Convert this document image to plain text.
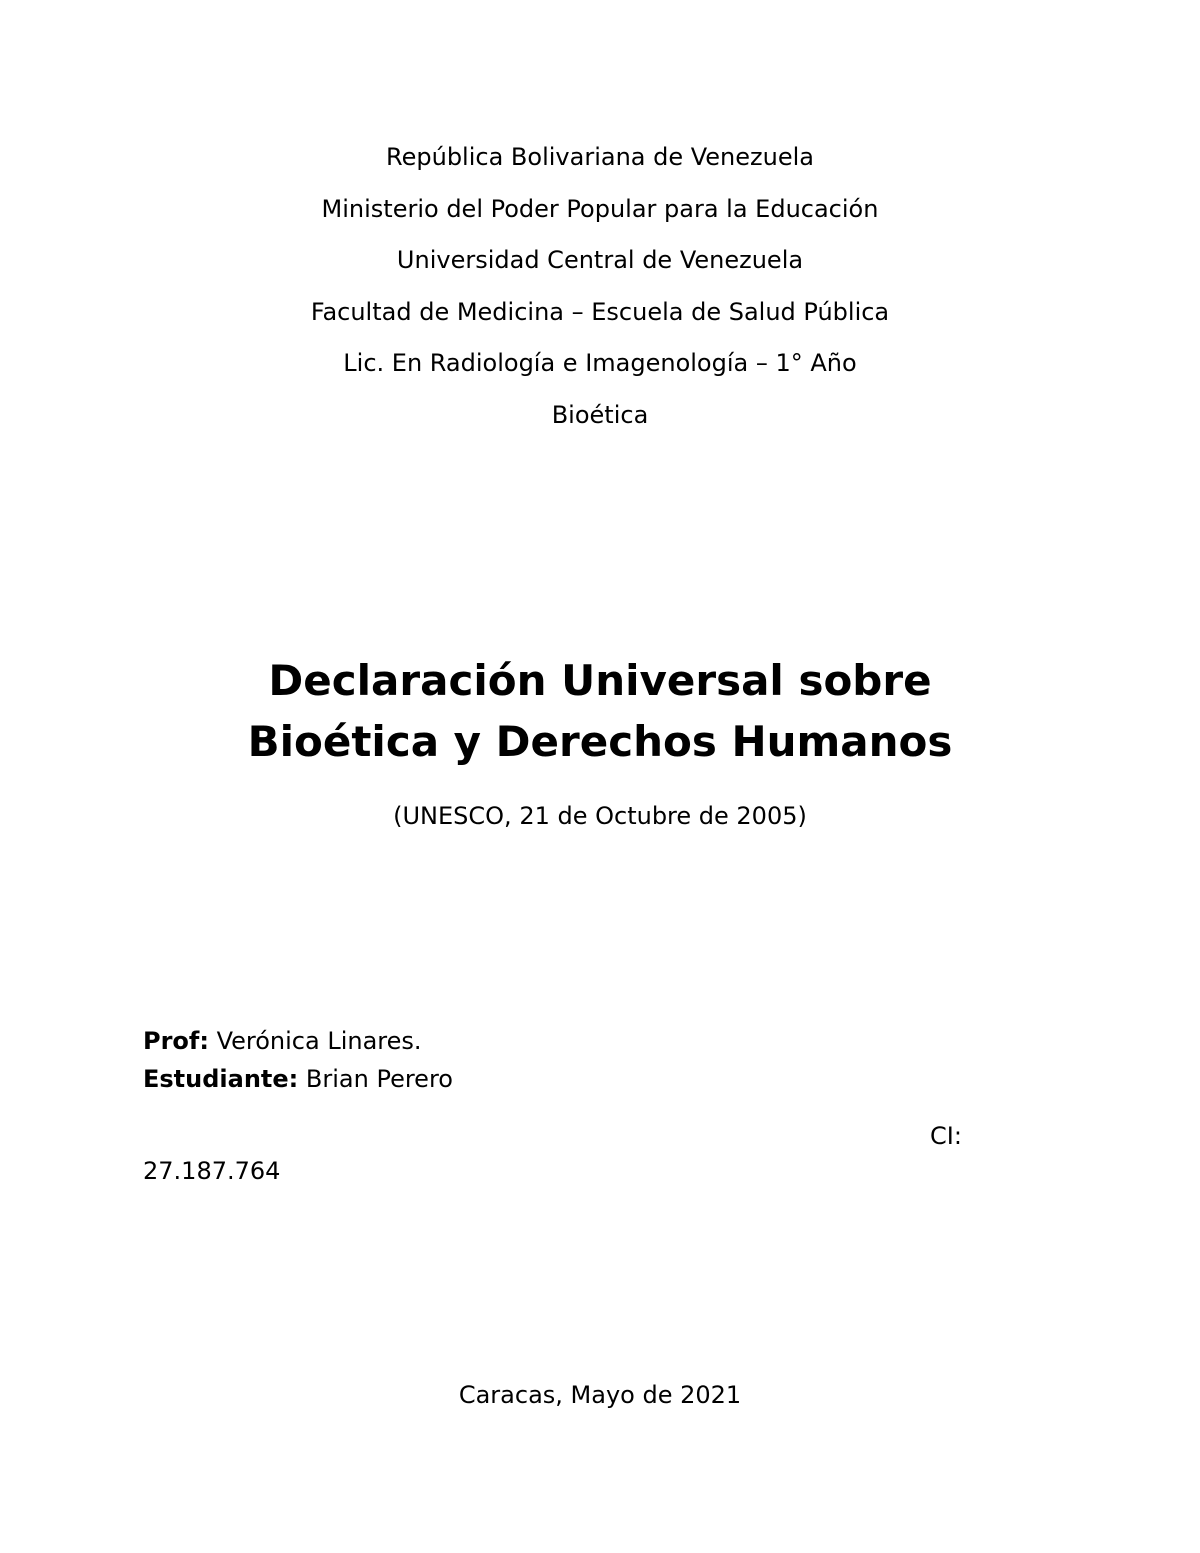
República Bolivariana de Venezuela
Ministerio del Poder Popular para la Educación
Universidad Central de Venezuela
Facultad de Medicina – Escuela de Salud Pública
Lic. En Radiología e Imagenología – 1° Año
Bioética
Declaración Universal sobre
Bioética y Derechos Humanos
(UNESCO, 21 de Octubre de 2005)
Prof: Verónica Linares.
Estudiante: Brian Perero
CI:
27.187.764
Caracas, Mayo de 2021
